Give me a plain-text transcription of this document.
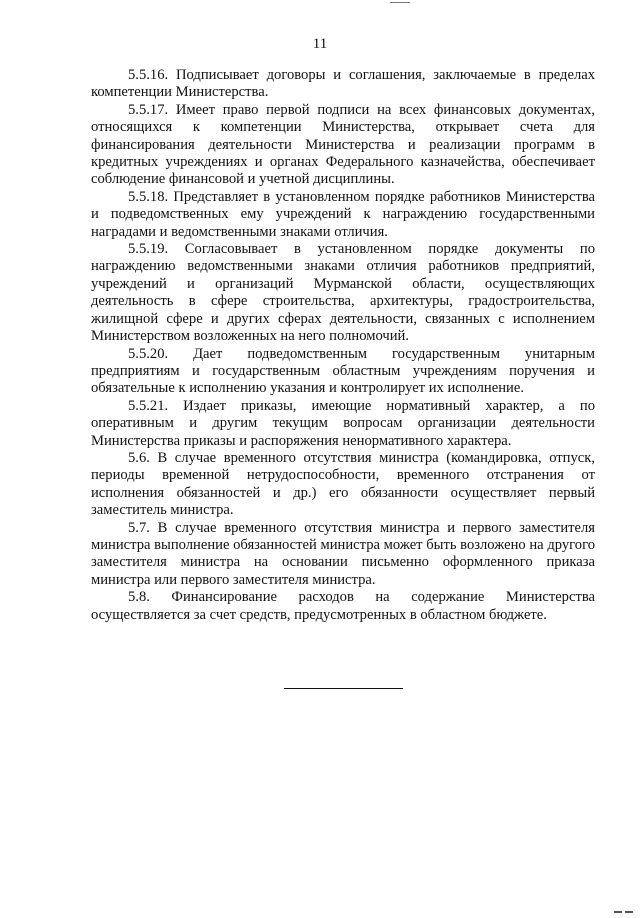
11

5.5.16. Подписывает договоры и соглашения, заключаемые в пределах компетенции Министерства.

5.5.17. Имеет право первой подписи на всех финансовых документах, относящихся к компетенции Министерства, открывает счета для финансирования деятельности Министерства и реализации программ в кредитных учреждениях и органах Федерального казначейства, обеспечивает соблюдение финансовой и учетной дисциплины.

5.5.18. Представляет в установленном порядке работников Министерства и подведомственных ему учреждений к награждению государственными наградами и ведомственными знаками отличия.

5.5.19. Согласовывает в установленном порядке документы по награждению ведомственными знаками отличия работников предприятий, учреждений и организаций Мурманской области, осуществляющих деятельность в сфере строительства, архитектуры, градостроительства, жилищной сфере и других сферах деятельности, связанных с исполнением Министерством возложенных на него полномочий.

5.5.20. Дает подведомственным государственным унитарным предприятиям и государственным областным учреждениям поручения и обязательные к исполнению указания и контролирует их исполнение.

5.5.21. Издает приказы, имеющие нормативный характер, а по оперативным и другим текущим вопросам организации деятельности Министерства приказы и распоряжения ненормативного характера.

5.6. В случае временного отсутствия министра (командировка, отпуск, периоды временной нетрудоспособности, временного отстранения от исполнения обязанностей и др.) его обязанности осуществляет первый заместитель министра.

5.7. В случае временного отсутствия министра и первого заместителя министра выполнение обязанностей министра может быть возложено на другого заместителя министра на основании письменно оформленного приказа министра или первого заместителя министра.

5.8. Финансирование расходов на содержание Министерства осуществляется за счет средств, предусмотренных в областном бюджете.
